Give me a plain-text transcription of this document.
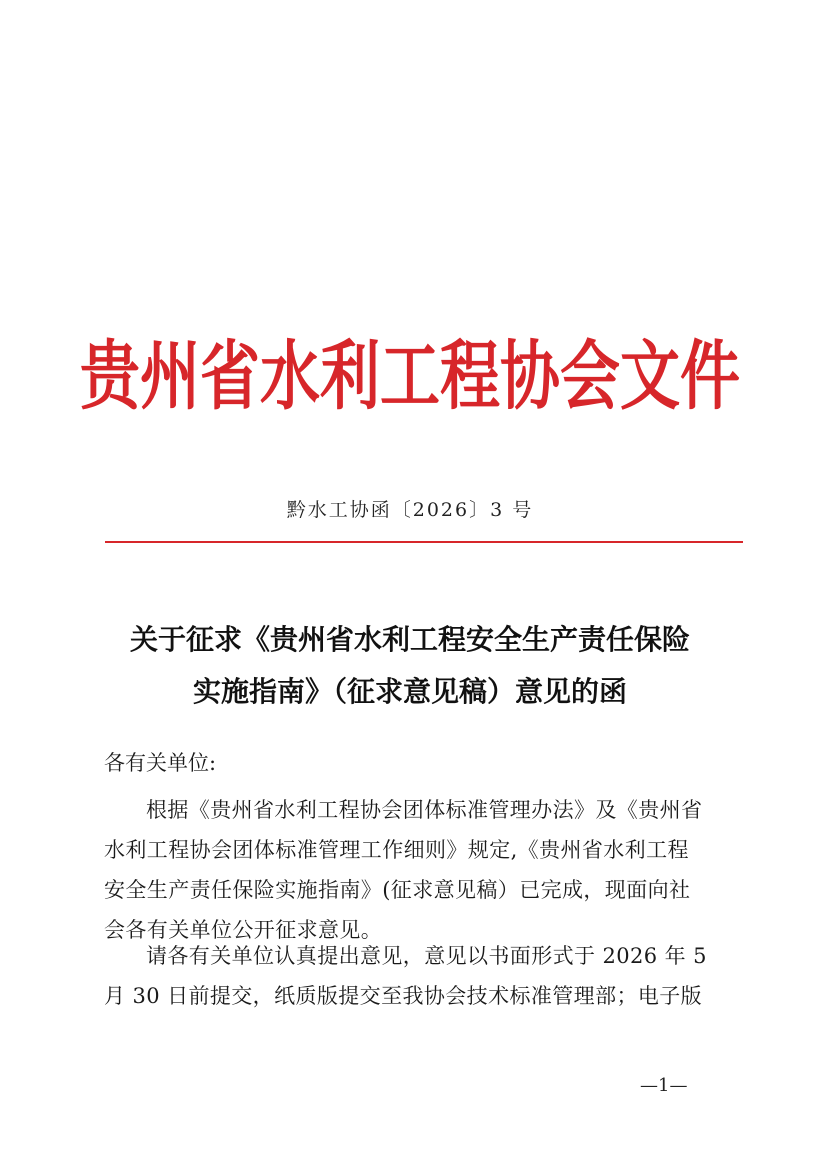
贵州省水利工程协会文件
黔水工协函〔2026〕3 号
关于征求《贵州省水利工程安全生产责任保险
实施指南》（征求意见稿）意见的函
各有关单位:
根据《贵州省水利工程协会团体标准管理办法》及《贵州省
水利工程协会团体标准管理工作细则》规定,《贵州省水利工程
安全生产责任保险实施指南》(征求意见稿）已完成，现面向社
会各有关单位公开征求意见。
请各有关单位认真提出意见，意见以书面形式于 2026 年 5
月 30 日前提交，纸质版提交至我协会技术标准管理部；电子版
—1—
